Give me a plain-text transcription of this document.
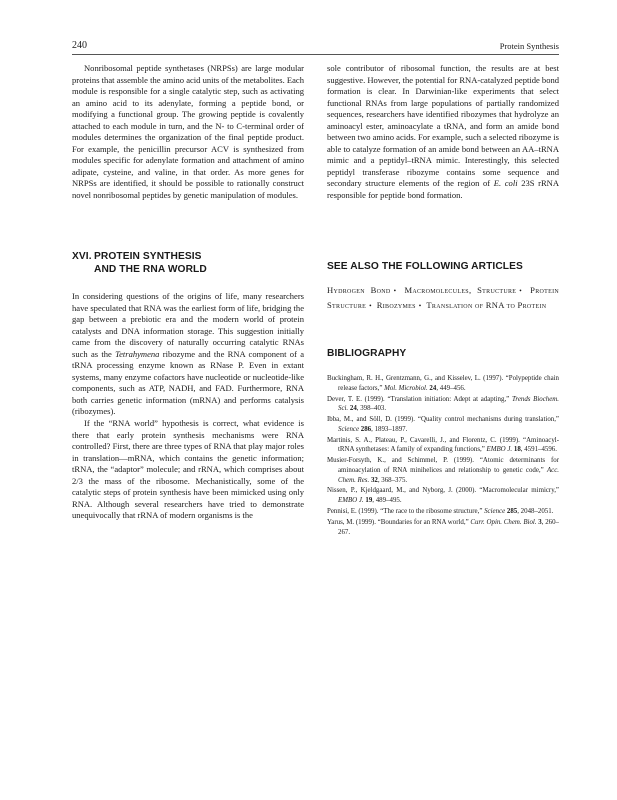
240	Protein Synthesis

Nonribosomal peptide synthetases (NRPSs) are large modular proteins that assemble the amino acid units of the metabolites. Each module is responsible for a single catalytic step, such as activating an amino acid to its adenylate, forming a peptide bond, or modifying a functional group. The growing peptide is covalently attached to each module in turn, and the N- to C-terminal order of modules determines the organization of the final peptide product. For example, the penicillin precursor ACV is synthesized from modules specific for adenylate formation and attachment of amino adipate, cysteine, and valine, in that order. As more genes for NRPSs are identified, it should be possible to rationally construct novel nonribosomal peptides by genetic manipulation of modules.

XVI. PROTEIN SYNTHESIS
AND THE RNA WORLD

In considering questions of the origins of life, many researchers have speculated that RNA was the earliest form of life, bridging the gap between a prebiotic era and the modern world of protein catalysts and DNA information storage. This suggestion initially came from the discovery of naturally occurring catalytic RNAs such as the Tetrahymena ribozyme and the RNA component of a tRNA processing enzyme known as RNase P. Even in extant systems, many enzyme cofactors have nucleotide or nucleotide-like components, such as ATP, NADH, and FAD. Furthermore, RNA both carries genetic information (mRNA) and performs catalysis (ribozymes).

If the “RNA world” hypothesis is correct, what evidence is there that early protein synthesis mechanisms were RNA controlled? First, there are three types of RNA that play major roles in translation—mRNA, which contains the genetic information; tRNA, the “adaptor” molecule; and rRNA, which comprises about 2/3 the mass of the ribosome. Mechanistically, some of the catalytic steps of protein synthesis have been mimicked using only RNA. Although several researchers have tried to demonstrate unequivocally that rRNA of modern organisms is the

sole contributor of ribosomal function, the results are at best suggestive. However, the potential for RNA-catalyzed peptide bond formation is clear. In Darwinian-like experiments that select functional RNAs from large populations of partially randomized sequences, researchers have identified ribozymes that hydrolyze an aminoacyl ester, aminoacylate a tRNA, and form an amide bond between two amino acids. For example, such a selected ribozyme is able to catalyze formation of an amide bond between an AA–tRNA mimic and a peptidyl–tRNA mimic. Interestingly, this selected peptidyl transferase ribozyme contains some sequence and secondary structure elements of the region of E. coli 23S rRNA responsible for peptide bond formation.

SEE ALSO THE FOLLOWING ARTICLES
Hydrogen Bond • Macromolecules, Structure • Protein Structure • Ribozymes • Translation of RNA to Protein
BIBLIOGRAPHY
Buckingham, R. H., Grentzmann, G., and Kisselev, L. (1997). “Polypeptide chain release factors,” Mol. Microbiol. 24, 449–456.
Dever, T. E. (1999). “Translation initiation: Adept at adapting,” Trends Biochem. Sci. 24, 398–403.
Ibba, M., and Söll, D. (1999). “Quality control mechanisms during translation,” Science 286, 1893–1897.
Martinis, S. A., Plateau, P., Cavarelli, J., and Florentz, C. (1999). “Aminoacyl-tRNA synthetases: A family of expanding functions,” EMBO J. 18, 4591–4596.
Musier-Forsyth, K., and Schimmel, P. (1999). “Atomic determinants for aminoacylation of RNA minihelices and relationship to genetic code,” Acc. Chem. Res. 32, 368–375.
Nissen, P., Kjeldgaard, M., and Nyborg, J. (2000). “Macromolecular mimicry,” EMBO J. 19, 489–495.
Pennisi, E. (1999). “The race to the ribosome structure,” Science 285, 2048–2051.
Yarus, M. (1999). “Boundaries for an RNA world,” Curr. Opin. Chem. Biol. 3, 260–267.
